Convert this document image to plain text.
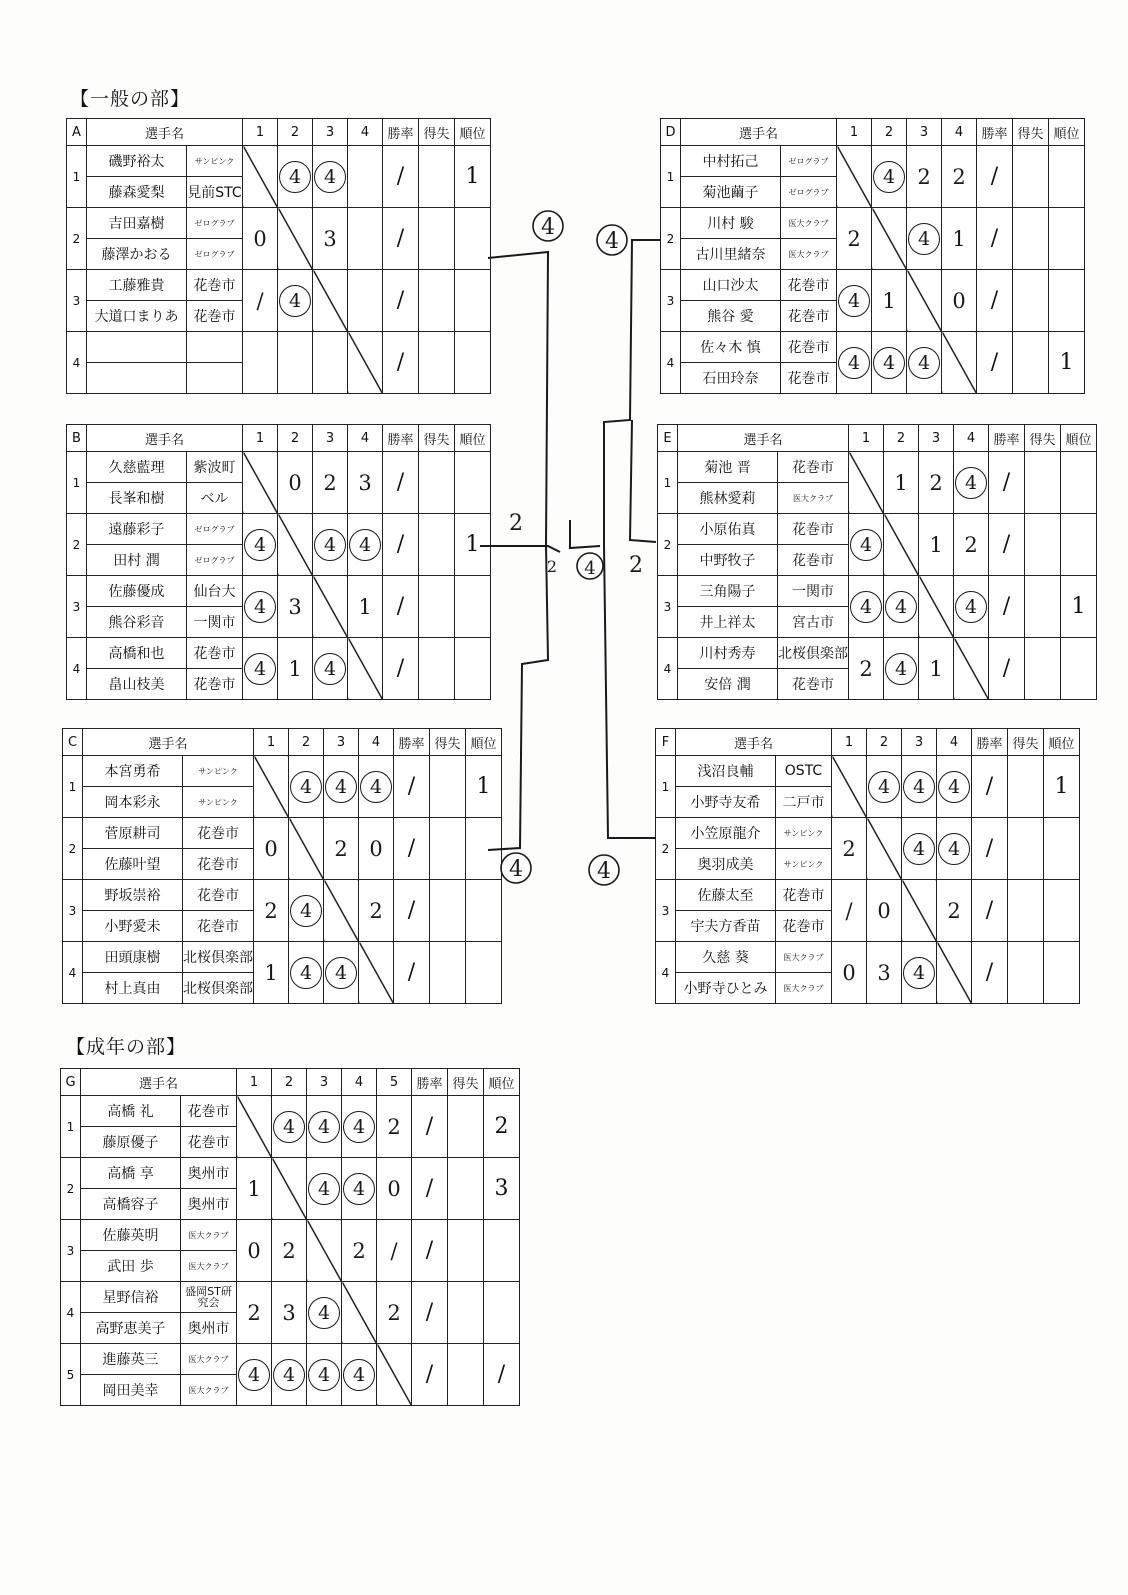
【一般の部】
【成年の部】
A	選手名		1	2	3	4	勝率	得失	順位
1	磯野裕太	サンピンク		4	4		/		1
	藤森愛梨	見前STC							
2	吉田嘉樹	ゼログラブ	0		3		/		
	藤澤かおる	ゼログラブ							
3	工藤雅貴	花巻市	/	4			/		
	大道口まりあ	花巻市							
4							/		

B	選手名		1	2	3	4	勝率	得失	順位
1	久慈藍理	紫波町		0	2	3	/		
	長峯和樹	ベル							
2	遠藤彩子	ゼログラブ	4		4	4	/		1
	田村 潤	ゼログラブ							
3	佐藤優成	仙台大	4	3		1	/		
	熊谷彩音	一関市							
4	高橋和也	花巻市	4	1	4		/		
	畠山枝美	花巻市							
C	選手名		1	2	3	4	勝率	得失	順位
1	本宮勇希	サンピンク		4	4	4	/		1
	岡本彩永	サンピンク							
2	菅原耕司	花巻市	0		2	0	/		
	佐藤叶望	花巻市							
3	野坂崇裕	花巻市	2	4		2	/		
	小野愛未	花巻市							
4	田頭康樹	北桜倶楽部	1	4	4		/		
	村上真由	北桜倶楽部							
D	選手名		1	2	3	4	勝率	得失	順位
1	中村拓己	ゼログラブ		4	2	2	/		
	菊池繭子	ゼログラブ							
2	川村 駿	医大クラブ	2		4	1	/		
	古川里緒奈	医大クラブ							
3	山口沙太	花巻市	4	1		0	/		
	熊谷 愛	花巻市							
4	佐々木 慎	花巻市	4	4	4		/		1
	石田玲奈	花巻市							
E	選手名		1	2	3	4	勝率	得失	順位
1	菊池 晋	花巻市		1	2	4	/		
	熊林愛莉	医大クラブ							
2	小原佑真	花巻市	4		1	2	/		
	中野牧子	花巻市							
3	三角陽子	一関市	4	4		4	/		1
	井上祥太	宮古市							
4	川村秀寿	北桜倶楽部	2	4	1		/		
	安倍 潤	花巻市							
F	選手名		1	2	3	4	勝率	得失	順位
1	浅沼良輔	OSTC		4	4	4	/		1
	小野寺友希	二戸市							
2	小笠原龍介	サンピンク	2		4	4	/		
	奥羽成美	サンピンク							
3	佐藤太至	花巻市	/	0		2	/		
	宇夫方香苗	花巻市							
4	久慈 葵	医大クラブ	0	3	4		/		
	小野寺ひとみ	医大クラブ							
G	選手名		1	2	3	4	5	勝率	得失	順位
1	高橋 礼	花巻市		4	4	4	2	/		2
	藤原優子	花巻市								
2	高橋 享	奥州市	1		4	4	0	/		3
	高橋容子	奥州市								
3	佐藤英明	医大クラブ	0	2		2	/	/		
	武田 歩	医大クラブ								
4	星野信裕	盛岡ST研究会	2	3	4		2	/		
	高野恵美子	奥州市								
5	進藤英三	医大クラブ	4	4	4	4		/		/
	岡田美幸	医大クラブ								
4
4
2
2
2 4
4	4
